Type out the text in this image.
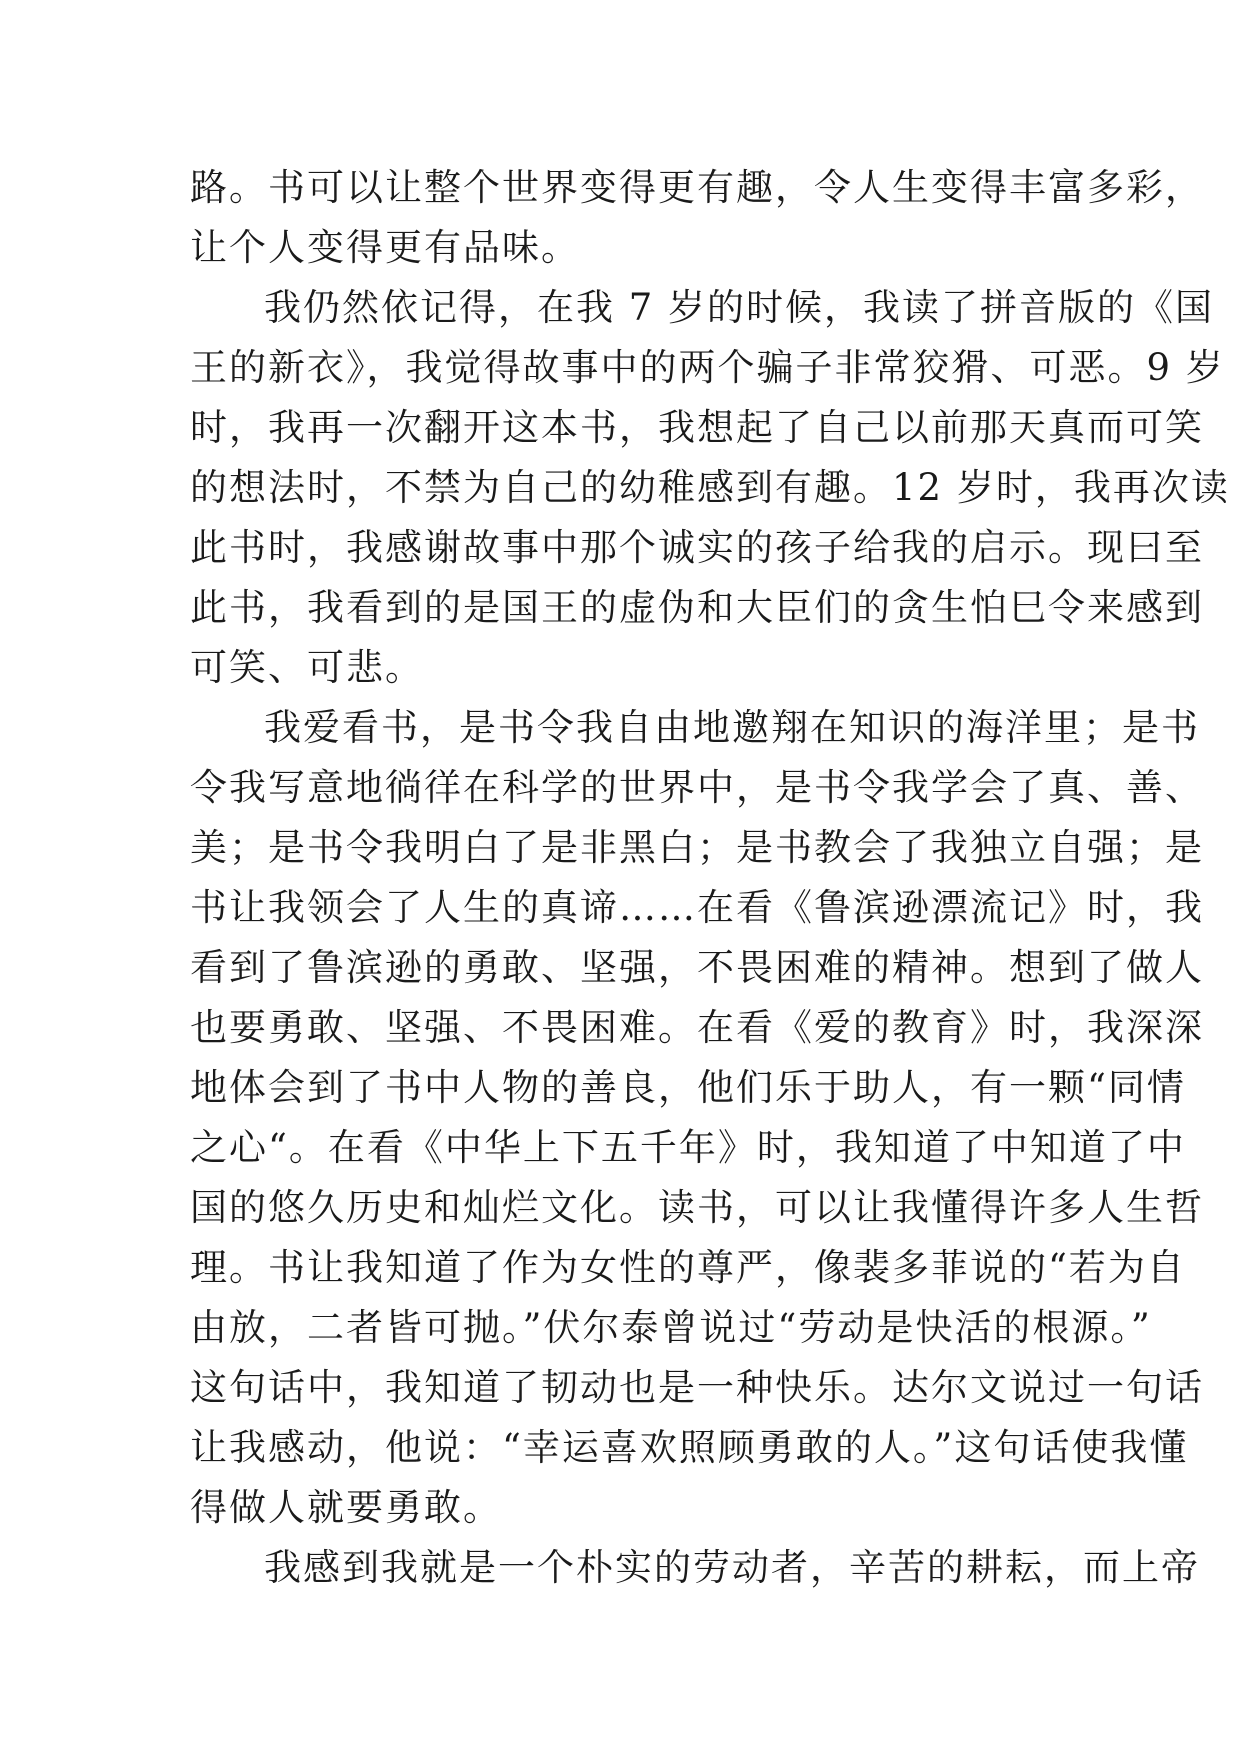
路。书可以让整个世界变得更有趣，令人生变得丰富多彩，
让个人变得更有品味。

我仍然依记得，在我 7 岁的时候，我读了拼音版的《国
王的新衣》，我觉得故事中的两个骗子非常狡猾、可恶。9 岁
时，我再一次翻开这本书，我想起了自己以前那天真而可笑
的想法时，不禁为自己的幼稚感到有趣。12 岁时，我再次读
此书时，我感谢故事中那个诚实的孩子给我的启示。现曰至
此书，我看到的是国王的虚伪和大臣们的贪生怕巳令来感到
可笑、可悲。

我爱看书，是书令我自由地邀翔在知识的海洋里；是书
令我写意地徜徉在科学的世界中，是书令我学会了真、善、
美；是书令我明白了是非黑白；是书教会了我独立自强；是
书让我领会了人生的真谛……在看《鲁滨逊漂流记》时，我
看到了鲁滨逊的勇敢、坚强，不畏困难的精神。想到了做人
也要勇敢、坚强、不畏困难。在看《爱的教育》时，我深深
地体会到了书中人物的善良，他们乐于助人，有一颗“同情
之心“。在看《中华上下五千年》时，我知道了中知道了中
国的悠久历史和灿烂文化。读书，可以让我懂得许多人生哲
理。书让我知道了作为女性的尊严，像裴多菲说的“若为自
由放，二者皆可抛。”伏尔泰曾说过“劳动是快活的根源。”
这句话中，我知道了韧动也是一种快乐。达尔文说过一句话
让我感动，他说：“幸运喜欢照顾勇敢的人。”这句话使我懂
得做人就要勇敢。

我感到我就是一个朴实的劳动者，辛苦的耕耘，而上帝
